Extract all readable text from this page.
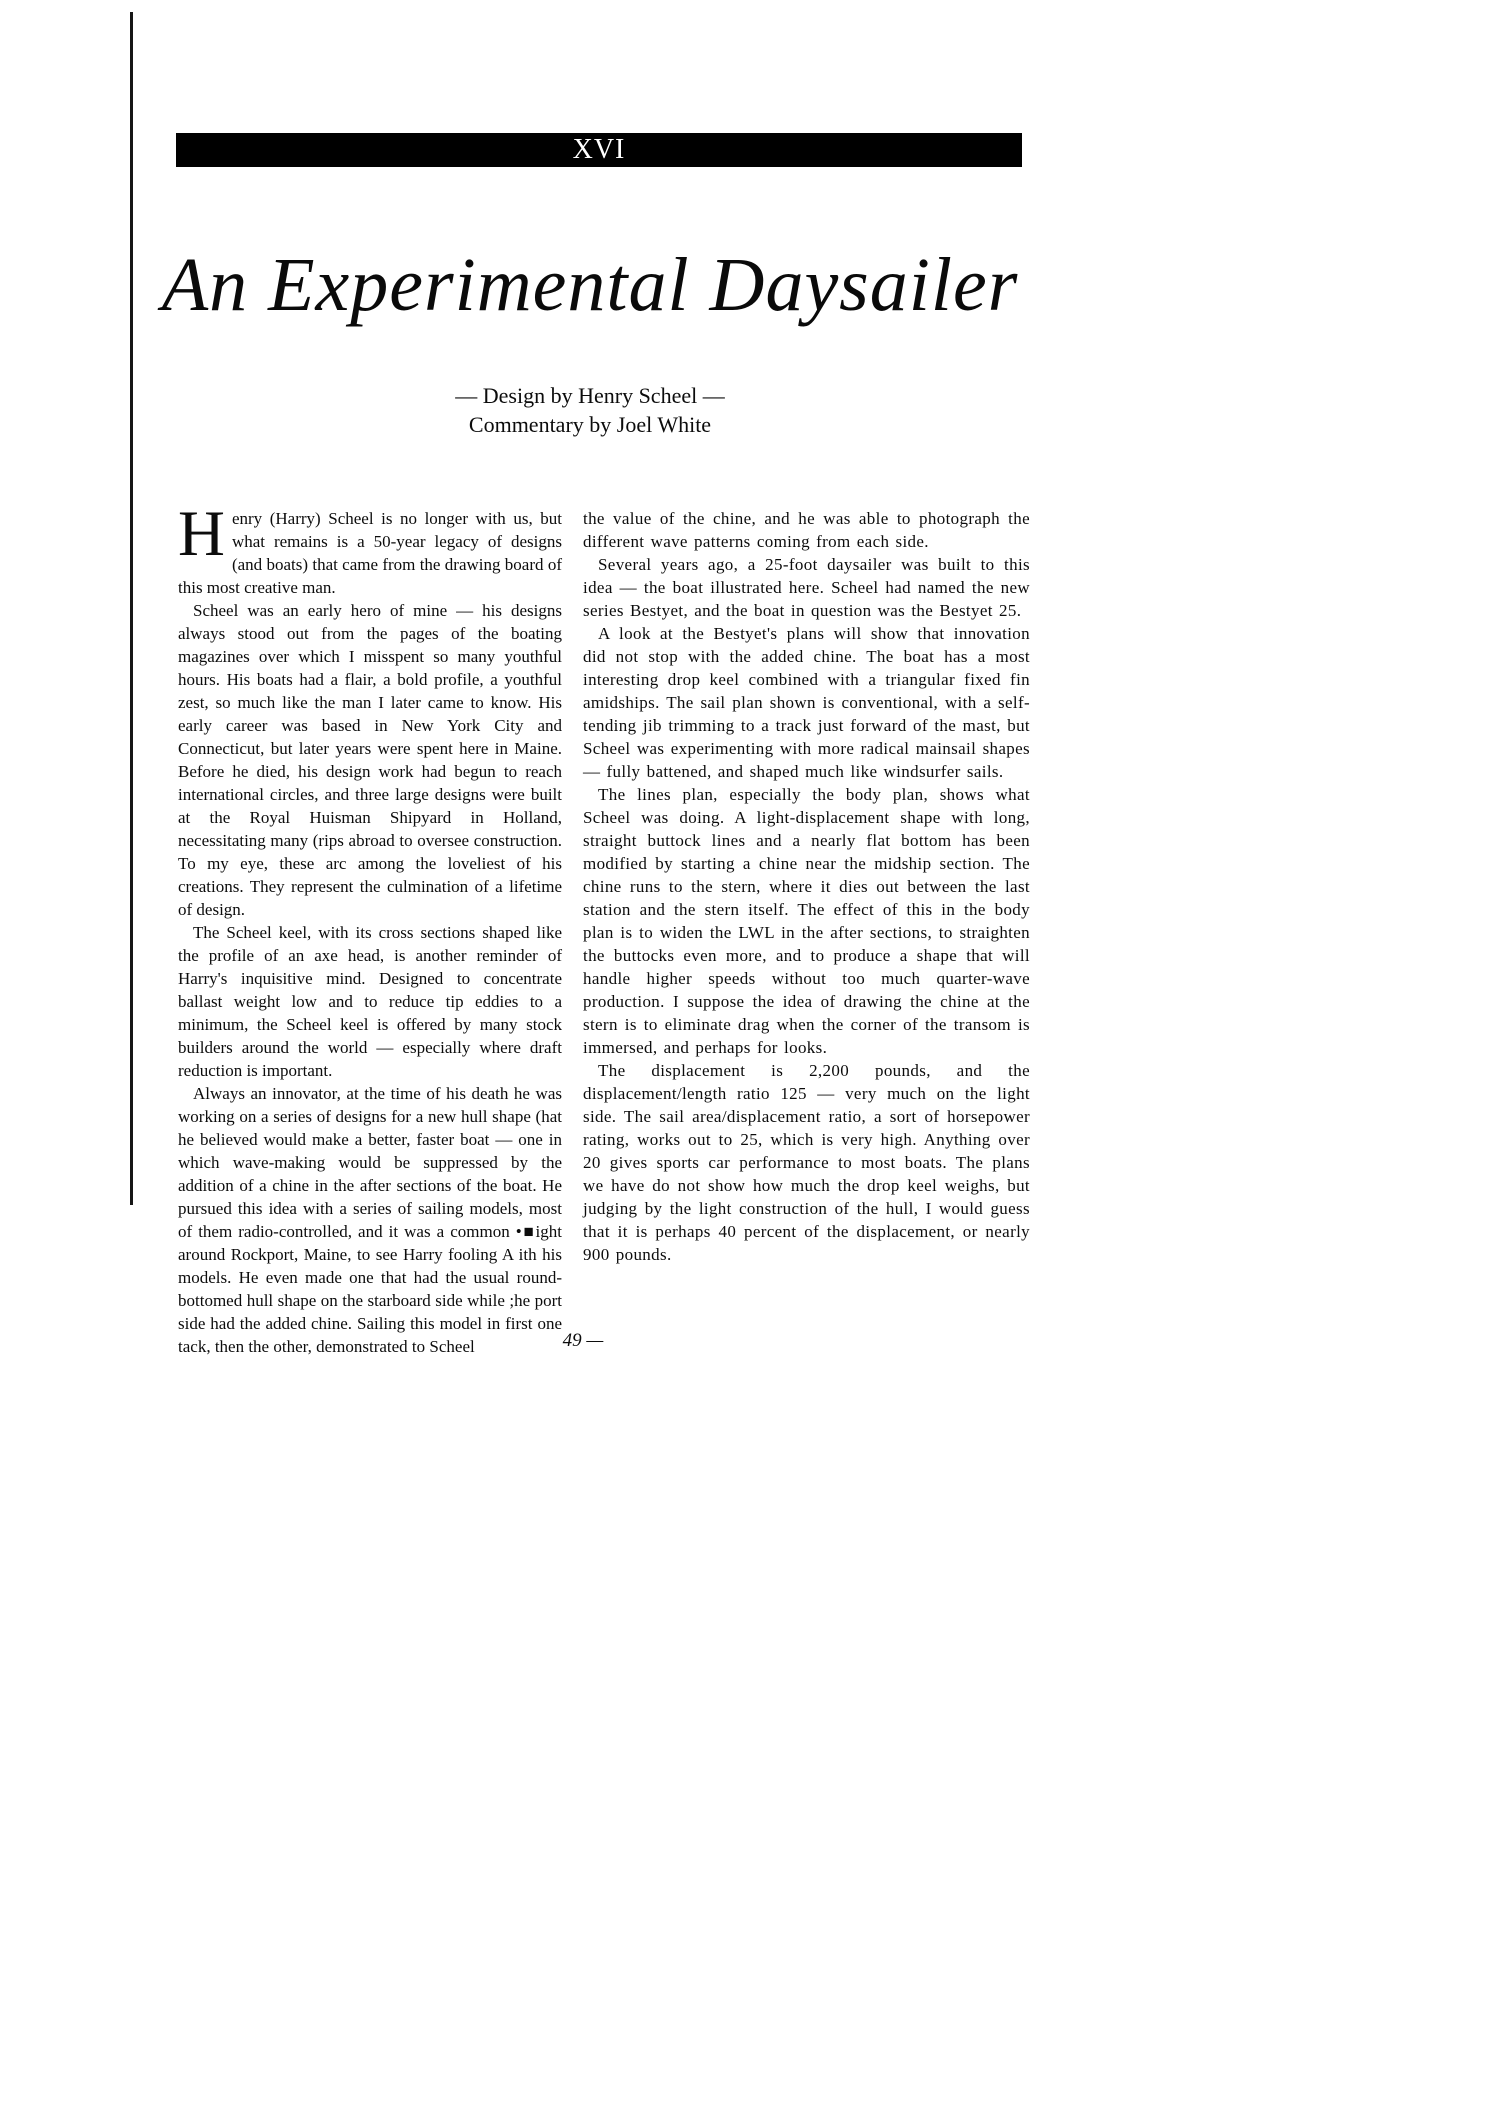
XVI
An Experimental Daysailer
— Design by Henry Scheel —
Commentary by Joel White

Henry (Harry) Scheel is no longer with us, but what remains is a 50-year legacy of designs (and boats) that came from the drawing board of this most creative man.

Scheel was an early hero of mine — his designs always stood out from the pages of the boating magazines over which I misspent so many youthful hours. His boats had a flair, a bold profile, a youthful zest, so much like the man I later came to know. His early career was based in New York City and Connecticut, but later years were spent here in Maine. Before he died, his design work had begun to reach international circles, and three large designs were built at the Royal Huisman Shipyard in Holland, necessitating many (rips abroad to oversee construction. To my eye, these arc among the loveliest of his creations. They represent the culmination of a lifetime of design.

The Scheel keel, with its cross sections shaped like the profile of an axe head, is another reminder of Harry's inquisitive mind. Designed to concentrate ballast weight low and to reduce tip eddies to a minimum, the Scheel keel is offered by many stock builders around the world — especially where draft reduction is important.

Always an innovator, at the time of his death he was working on a series of designs for a new hull shape (hat he believed would make a better, faster boat — one in which wave-making would be suppressed by the addition of a chine in the after sections of the boat. He pursued this idea with a series of sailing models, most of them radio-controlled, and it was a common •■ight around Rockport, Maine, to see Harry fooling A ith his models. He even made one that had the usual round-bottomed hull shape on the starboard side while ;he port side had the added chine. Sailing this model in first one tack, then the other, demonstrated to Scheel

the value of the chine, and he was able to photograph the different wave patterns coming from each side.

Several years ago, a 25-foot daysailer was built to this idea — the boat illustrated here. Scheel had named the new series Bestyet, and the boat in question was the Bestyet 25.

A look at the Bestyet's plans will show that innovation did not stop with the added chine. The boat has a most interesting drop keel combined with a triangular fixed fin amidships. The sail plan shown is conventional, with a self-tending jib trimming to a track just forward of the mast, but Scheel was experimenting with more radical mainsail shapes — fully battened, and shaped much like windsurfer sails.

The lines plan, especially the body plan, shows what Scheel was doing. A light-displacement shape with long, straight buttock lines and a nearly flat bottom has been modified by starting a chine near the midship section. The chine runs to the stern, where it dies out between the last station and the stern itself. The effect of this in the body plan is to widen the LWL in the after sections, to straighten the buttocks even more, and to produce a shape that will handle higher speeds without too much quarter-wave production. I suppose the idea of drawing the chine at the stern is to eliminate drag when the corner of the transom is immersed, and perhaps for looks.

The displacement is 2,200 pounds, and the displacement/length ratio 125 — very much on the light side. The sail area/displacement ratio, a sort of horsepower rating, works out to 25, which is very high. Anything over 20 gives sports car performance to most boats. The plans we have do not show how much the drop keel weighs, but judging by the light construction of the hull, I would guess that it is perhaps 40 percent of the displacement, or nearly 900 pounds.

49 —
